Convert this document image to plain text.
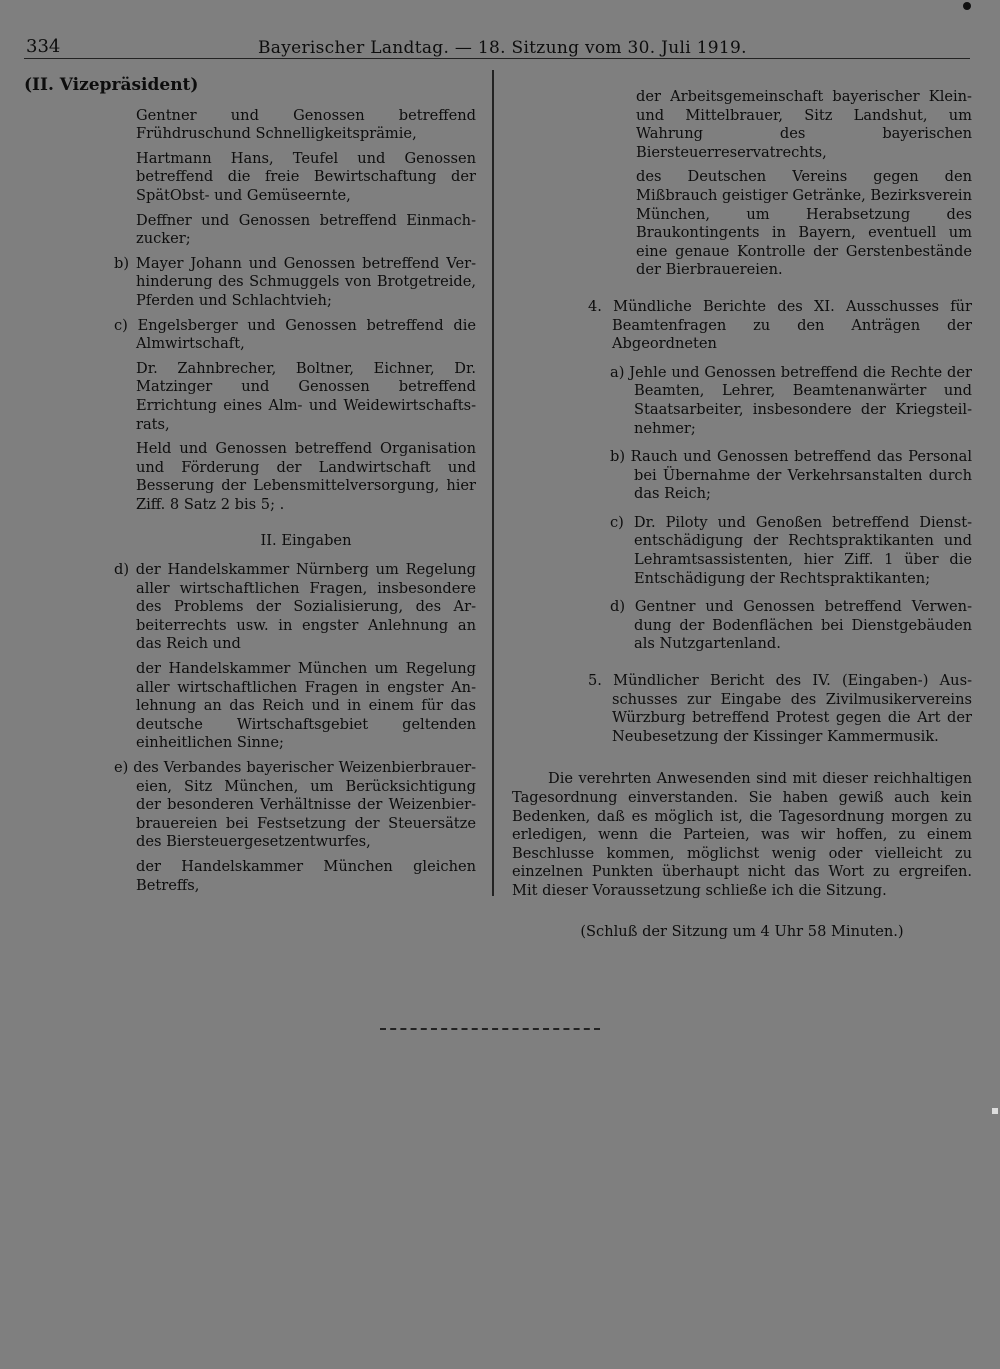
334	Bayerischer Landtag. — 18. Sitzung vom 30. Juli 1919.
(II. Vizepräsident)
Gentner und Genossen betreffend Frühdruschund Schnelligkeitsprämie,
Hartmann Hans, Teufel und Genossen betreffend die freie Bewirtschaftung der SpätObst- und Gemüseernte,
Deffner und Genossen betreffend Einmachzucker;
b) Mayer Johann und Genossen betreffend Verhinderung des Schmuggels von Brotgetreide, Pferden und Schlachtvieh;
c) Engelsberger und Genossen betreffend die Almwirtschaft,
Dr. Zahnbrecher, Boltner, Eichner, Dr. Matzinger und Genossen betreffend Errichtung eines Alm- und Weidewirtschaftsrats,
Held und Genossen betreffend Organisation und Förderung der Landwirtschaft und Besserung der Lebensmittelversorgung, hier Ziff. 8 Satz 2 bis 5; .
II. Eingaben
d) der Handelskammer Nürnberg um Regelung aller wirtschaftlichen Fragen, insbesondere des Problems der Sozialisierung, des Arbeiterrechts usw. in engster Anlehnung an das Reich und
der Handelskammer München um Regelung aller wirtschaftlichen Fragen in engster Anlehnung an das Reich und in einem für das deutsche Wirtschaftsgebiet geltenden einheitlichen Sinne;
e) des Verbandes bayerischer Weizenbierbrauereien, Sitz München, um Berücksichtigung der besonderen Verhältnisse der Weizenbierbrauereien bei Festsetzung der Steuersätze des Biersteuergesetzentwurfes,
der Handelskammer München gleichen Betreffs,
der Arbeitsgemeinschaft bayerischer Klein- und Mittelbrauer, Sitz Landshut, um Wahrung des bayerischen Biersteuerreservatrechts,
des Deutschen Vereins gegen den Mißbrauch geistiger Getränke, Bezirksverein München, um Herabsetzung des Braukontingents in Bayern, eventuell um eine genaue Kontrolle der Gerstenbestände der Bierbrauereien.
4. Mündliche Berichte des XI. Ausschusses für Beamtenfragen zu den Anträgen der Abgeordneten
a) Jehle und Genossen betreffend die Rechte der Beamten, Lehrer, Beamtenanwärter und Staatsarbeiter, insbesondere der Kriegsteilnehmer;
b) Rauch und Genossen betreffend das Personal bei Übernahme der Verkehrsanstalten durch das Reich;
c) Dr. Piloty und Genoßen betreffend Dienstentschädigung der Rechtspraktikanten und Lehramtsassistenten, hier Ziff. 1 über die Entschädigung der Rechtspraktikanten;
d) Gentner und Genossen betreffend Verwendung der Bodenflächen bei Dienstgebäuden als Nutzgartenland.
5. Mündlicher Bericht des IV. (Eingaben-) Ausschusses zur Eingabe des Zivilmusikervereins Würzburg betreffend Protest gegen die Art der Neubesetzung der Kissinger Kammermusik.
Die verehrten Anwesenden sind mit dieser reichhaltigen Tagesordnung einverstanden. Sie haben gewiß auch kein Bedenken, daß es möglich ist, die Tagesordnung morgen zu erledigen, wenn die Parteien, was wir hoffen, zu einem Beschlusse kommen, möglichst wenig oder vielleicht zu einzelnen Punkten überhaupt nicht das Wort zu ergreifen. Mit dieser Voraussetzung schließe ich die Sitzung.
(Schluß der Sitzung um 4 Uhr 58 Minuten.)
